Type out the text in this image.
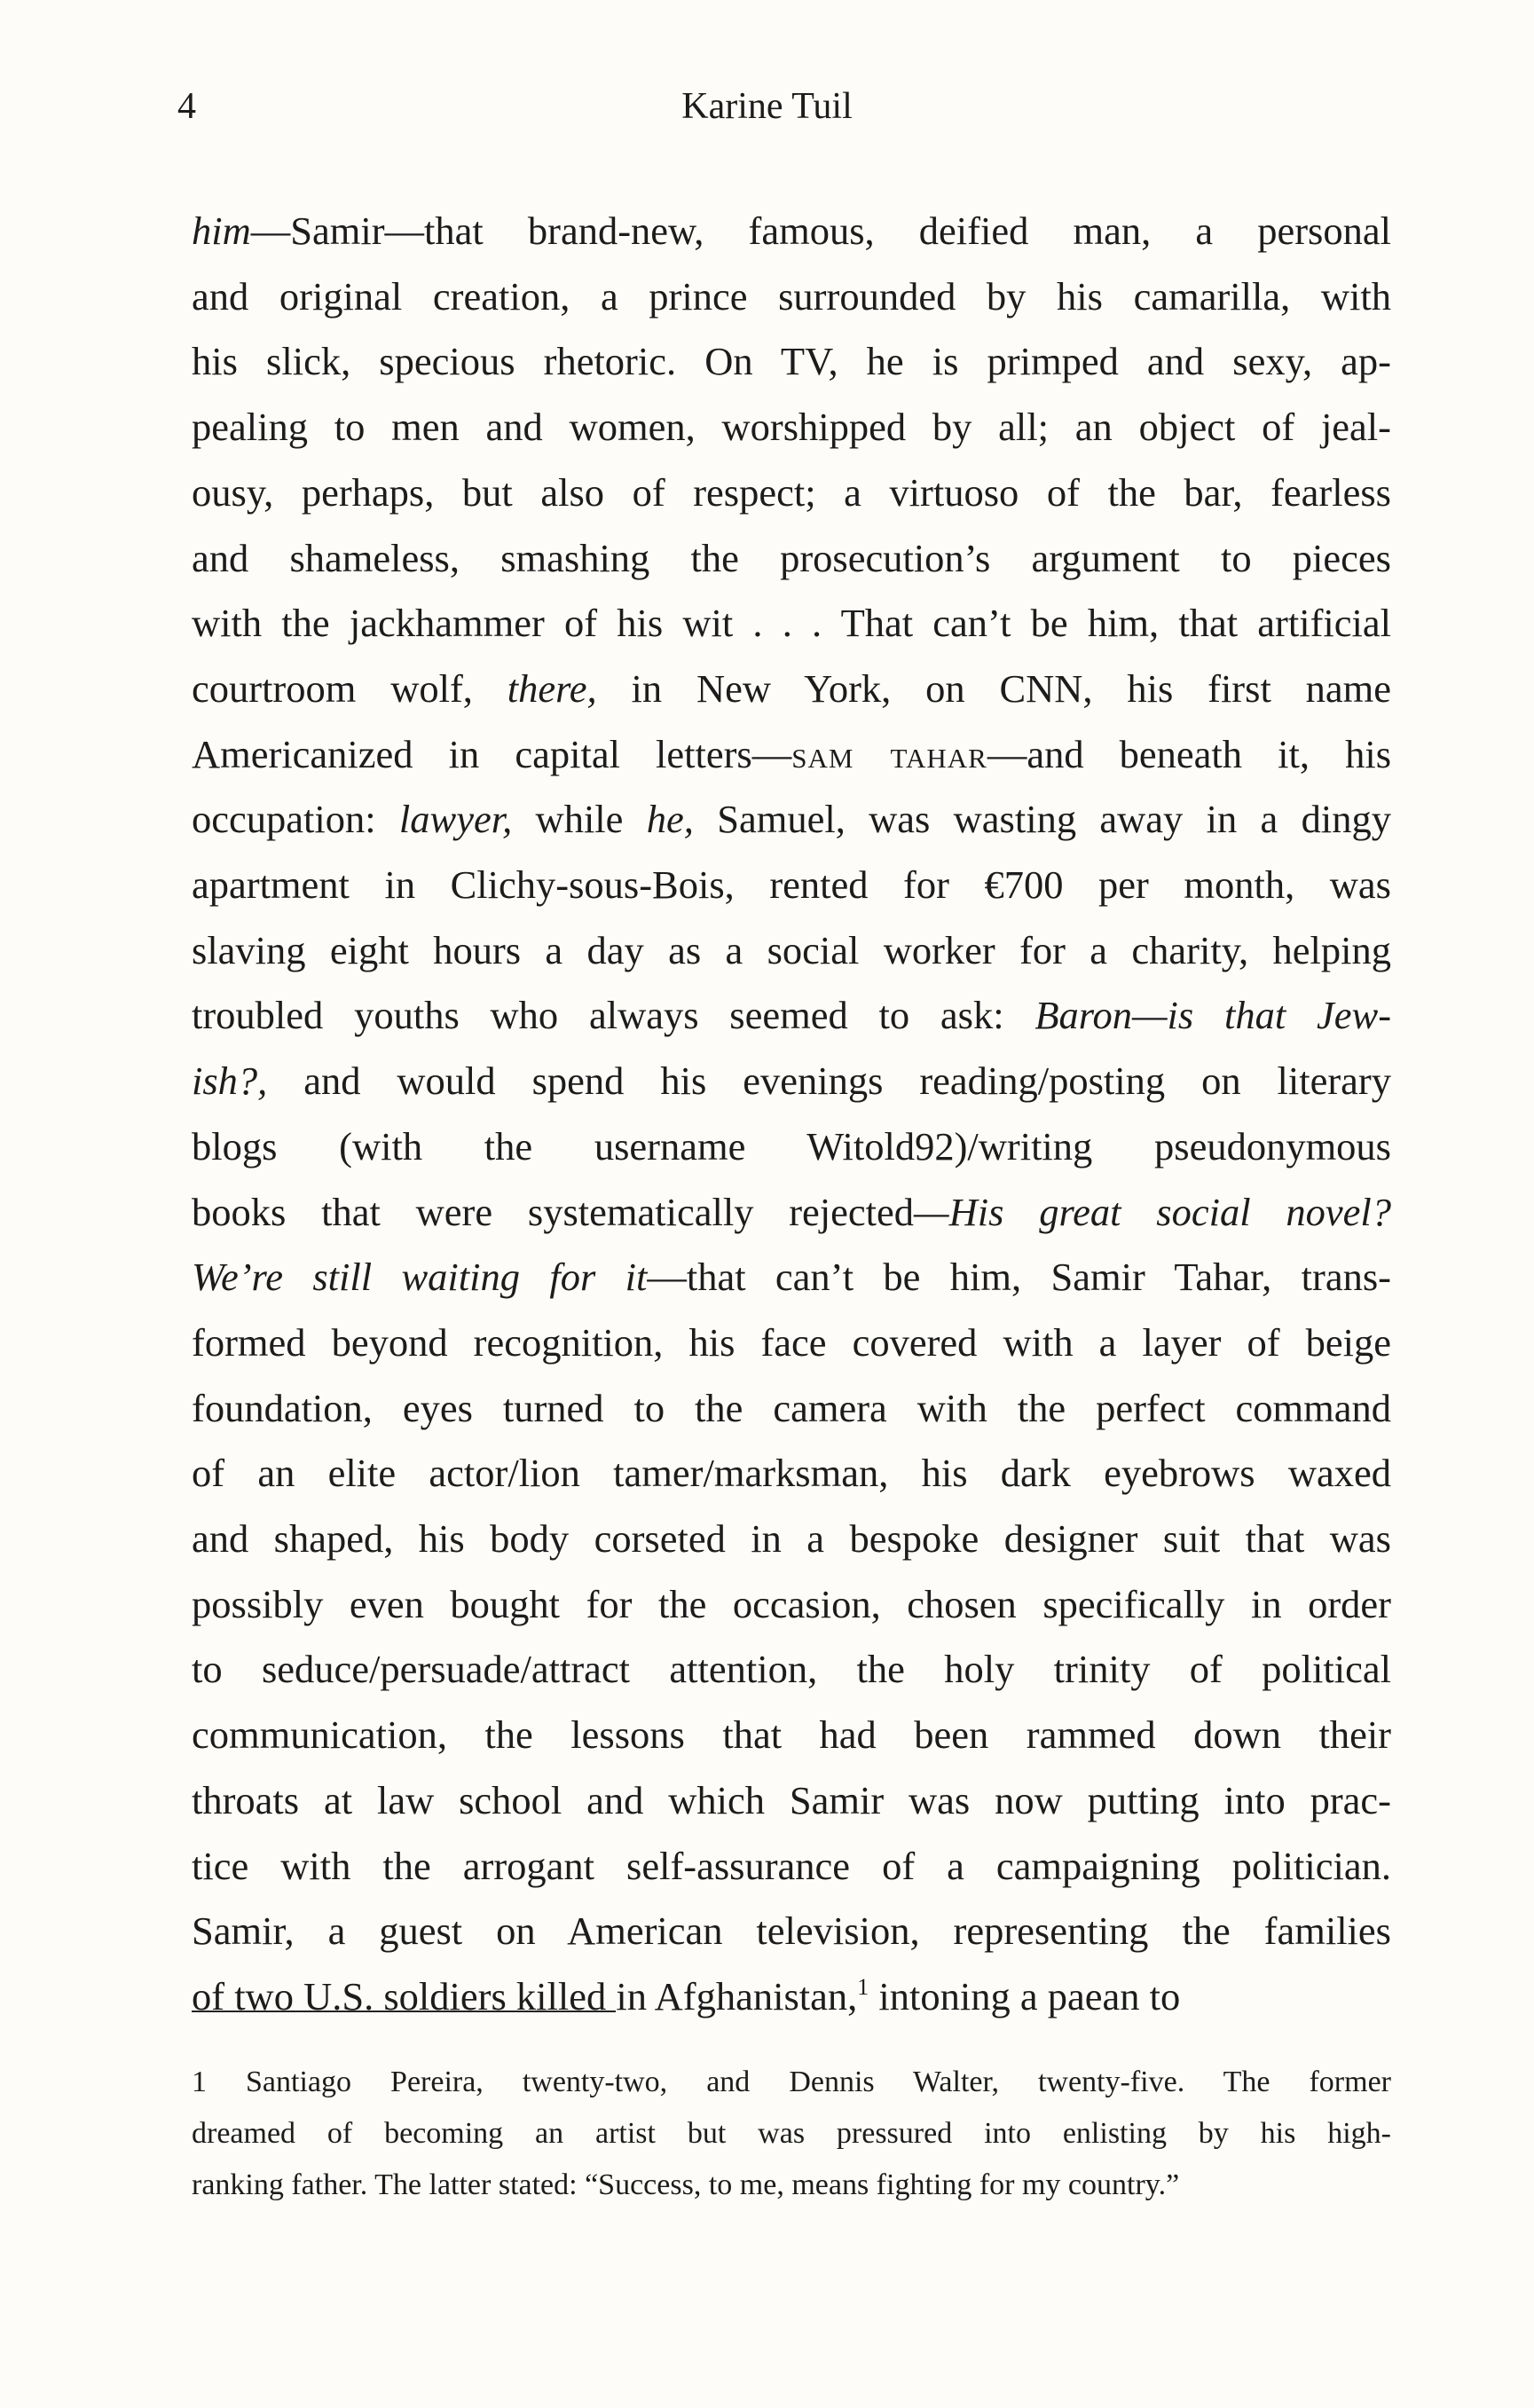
4	Karine Tuil
him—Samir—that brand-new, famous, deified man, a personal
and original creation, a prince surrounded by his camarilla, with
his slick, specious rhetoric. On TV, he is primped and sexy, ap-
pealing to men and women, worshipped by all; an object of jeal-
ousy, perhaps, but also of respect; a virtuoso of the bar, fearless
and shameless, smashing the prosecution’s argument to pieces
with the jackhammer of his wit . . . That can’t be him, that artificial
courtroom wolf, there, in New York, on CNN, his first name
Americanized in capital letters—sam tahar—and beneath it, his
occupation: lawyer, while he, Samuel, was wasting away in a dingy
apartment in Clichy-sous-Bois, rented for €700 per month, was
slaving eight hours a day as a social worker for a charity, helping
troubled youths who always seemed to ask: Baron—is that Jew-
ish?, and would spend his evenings reading/posting on literary
blogs (with the username Witold92)/writing pseudonymous
books that were systematically rejected—His great social novel?
We’re still waiting for it—that can’t be him, Samir Tahar, trans-
formed beyond recognition, his face covered with a layer of beige
foundation, eyes turned to the camera with the perfect command
of an elite actor/lion tamer/marksman, his dark eyebrows waxed
and shaped, his body corseted in a bespoke designer suit that was
possibly even bought for the occasion, chosen specifically in order
to seduce/persuade/attract attention, the holy trinity of political
communication, the lessons that had been rammed down their
throats at law school and which Samir was now putting into prac-
tice with the arrogant self-assurance of a campaigning politician.
Samir, a guest on American television, representing the families
of two U.S. soldiers killed in Afghanistan,$^1$ intoning a paean to
1 Santiago Pereira, twenty-two, and Dennis Walter, twenty-five. The former
dreamed of becoming an artist but was pressured into enlisting by his high-
ranking father. The latter stated: “Success, to me, means fighting for my country.”
